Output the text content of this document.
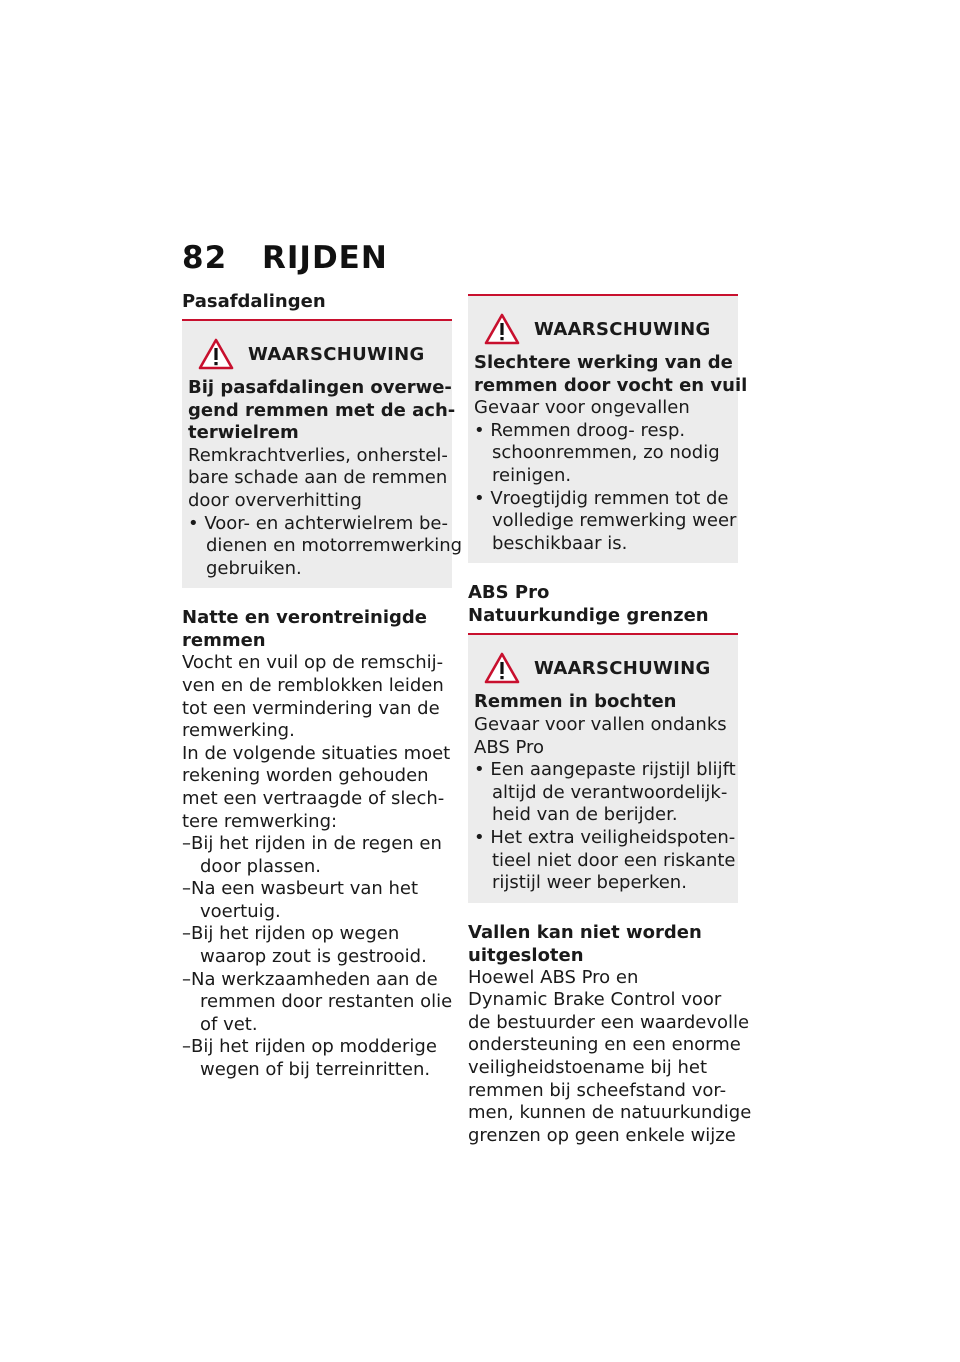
82 RIJDEN
Pasafdalingen
WAARSCHUWING
Bij pasafdalingen overwe-
gend remmen met de ach-
terwielrem
Remkrachtverlies, onherstel-
bare schade aan de remmen
door oververhitting
• Voor- en achterwielrem be-
dienen en motorremwerking
gebruiken.
Natte en verontreinigde
remmen
Vocht en vuil op de remschij-
ven en de remblokken leiden
tot een vermindering van de
remwerking.
In de volgende situaties moet
rekening worden gehouden
met een vertraagde of slech-
tere remwerking:
–Bij het rijden in de regen en
door plassen.
–Na een wasbeurt van het
voertuig.
–Bij het rijden op wegen
waarop zout is gestrooid.
–Na werkzaamheden aan de
remmen door restanten olie
of vet.
–Bij het rijden op modderige
wegen of bij terreinritten.
WAARSCHUWING
Slechtere werking van de
remmen door vocht en vuil
Gevaar voor ongevallen
• Remmen droog- resp.
schoonremmen, zo nodig
reinigen.
• Vroegtijdig remmen tot de
volledige remwerking weer
beschikbaar is.
ABS Pro
Natuurkundige grenzen
WAARSCHUWING
Remmen in bochten
Gevaar voor vallen ondanks
ABS Pro
• Een aangepaste rijstijl blijft
altijd de verantwoordelijk-
heid van de berijder.
• Het extra veiligheidspoten-
tieel niet door een riskante
rijstijl weer beperken.
Vallen kan niet worden
uitgesloten
Hoewel ABS Pro en
Dynamic Brake Control voor
de bestuurder een waardevolle
ondersteuning en een enorme
veiligheidstoename bij het
remmen bij scheefstand vor-
men, kunnen de natuurkundige
grenzen op geen enkele wijze
